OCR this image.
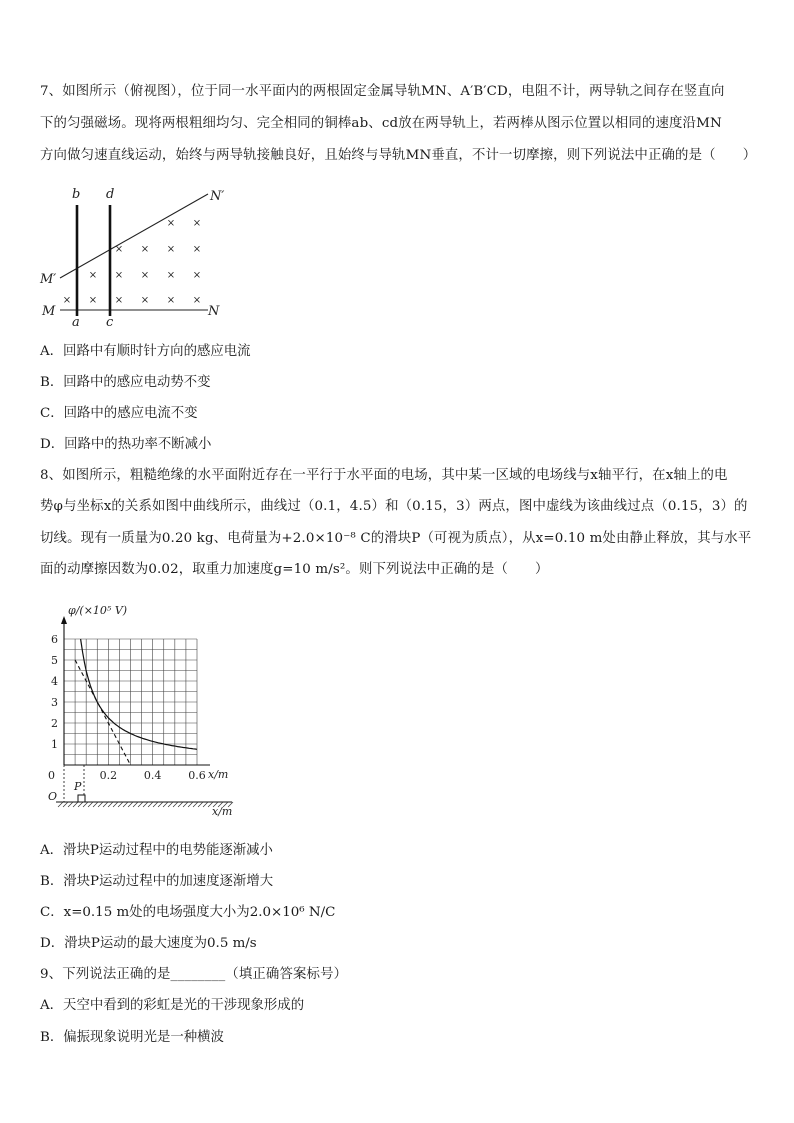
7、如图所示（俯视图），位于同一水平面内的两根固定金属导轨MN、A′B′CD，电阻不计，两导轨之间存在竖直向
下的匀强磁场。现将两根粗细均匀、完全相同的铜棒ab、cd放在两导轨上，若两棒从图示位置以相同的速度沿MN
方向做匀速直线运动，始终与两导轨接触良好，且始终与导轨MN垂直，不计一切摩擦，则下列说法中正确的是（　　）
× × × × × ×
× × × × ×
× × × ×
× ×
b d	N′
M′
M	N
a c
A．回路中有顺时针方向的感应电流
B．回路中的感应电动势不变
C．回路中的感应电流不变
D．回路中的热功率不断减小
8、如图所示，粗糙绝缘的水平面附近存在一平行于水平面的电场，其中某一区域的电场线与x轴平行，在x轴上的电
势φ与坐标x的关系如图中曲线所示，曲线过（0.1，4.5）和（0.15，3）两点，图中虚线为该曲线过点（0.15，3）的
切线。现有一质量为0.20 kg、电荷量为+2.0×10⁻⁸ C的滑块P（可视为质点），从x=0.10 m处由静止释放，其与水平
面的动摩擦因数为0.02，取重力加速度g=10 m/s²。则下列说法中正确的是（　　）
1
2
3
4
5
6
0.2 0.4 0.6
φ/(×10⁵ V)
x/m
0
P
O
x/m
A．滑块P运动过程中的电势能逐渐减小
B．滑块P运动过程中的加速度逐渐增大
C．x=0.15 m处的电场强度大小为2.0×10⁶ N/C
D．滑块P运动的最大速度为0.5 m/s
9、下列说法正确的是________（填正确答案标号）
A．天空中看到的彩虹是光的干涉现象形成的
B．偏振现象说明光是一种横波
